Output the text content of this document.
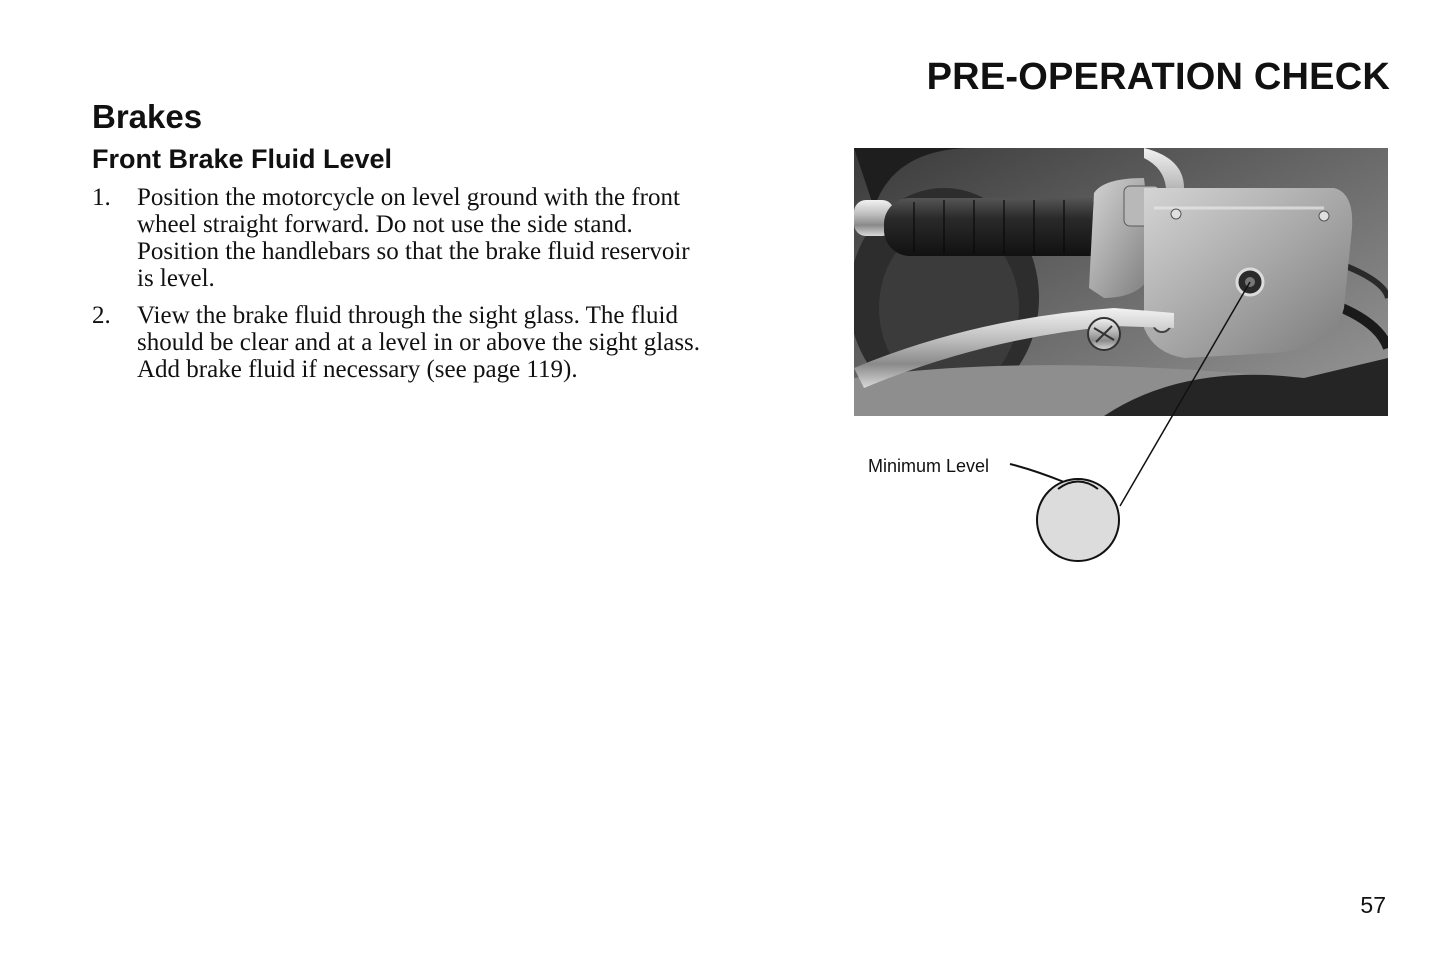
PRE-OPERATION CHECK
Brakes
Front Brake Fluid Level
1.	Position the motorcycle on level ground with the front wheel straight forward. Do not use the side stand. Position the handlebars so that the brake fluid reservoir is level.
2.	View the brake fluid through the sight glass. The fluid should be clear and at a level in or above the sight glass. Add brake fluid if necessary (see page 119).

Minimum Level

57
